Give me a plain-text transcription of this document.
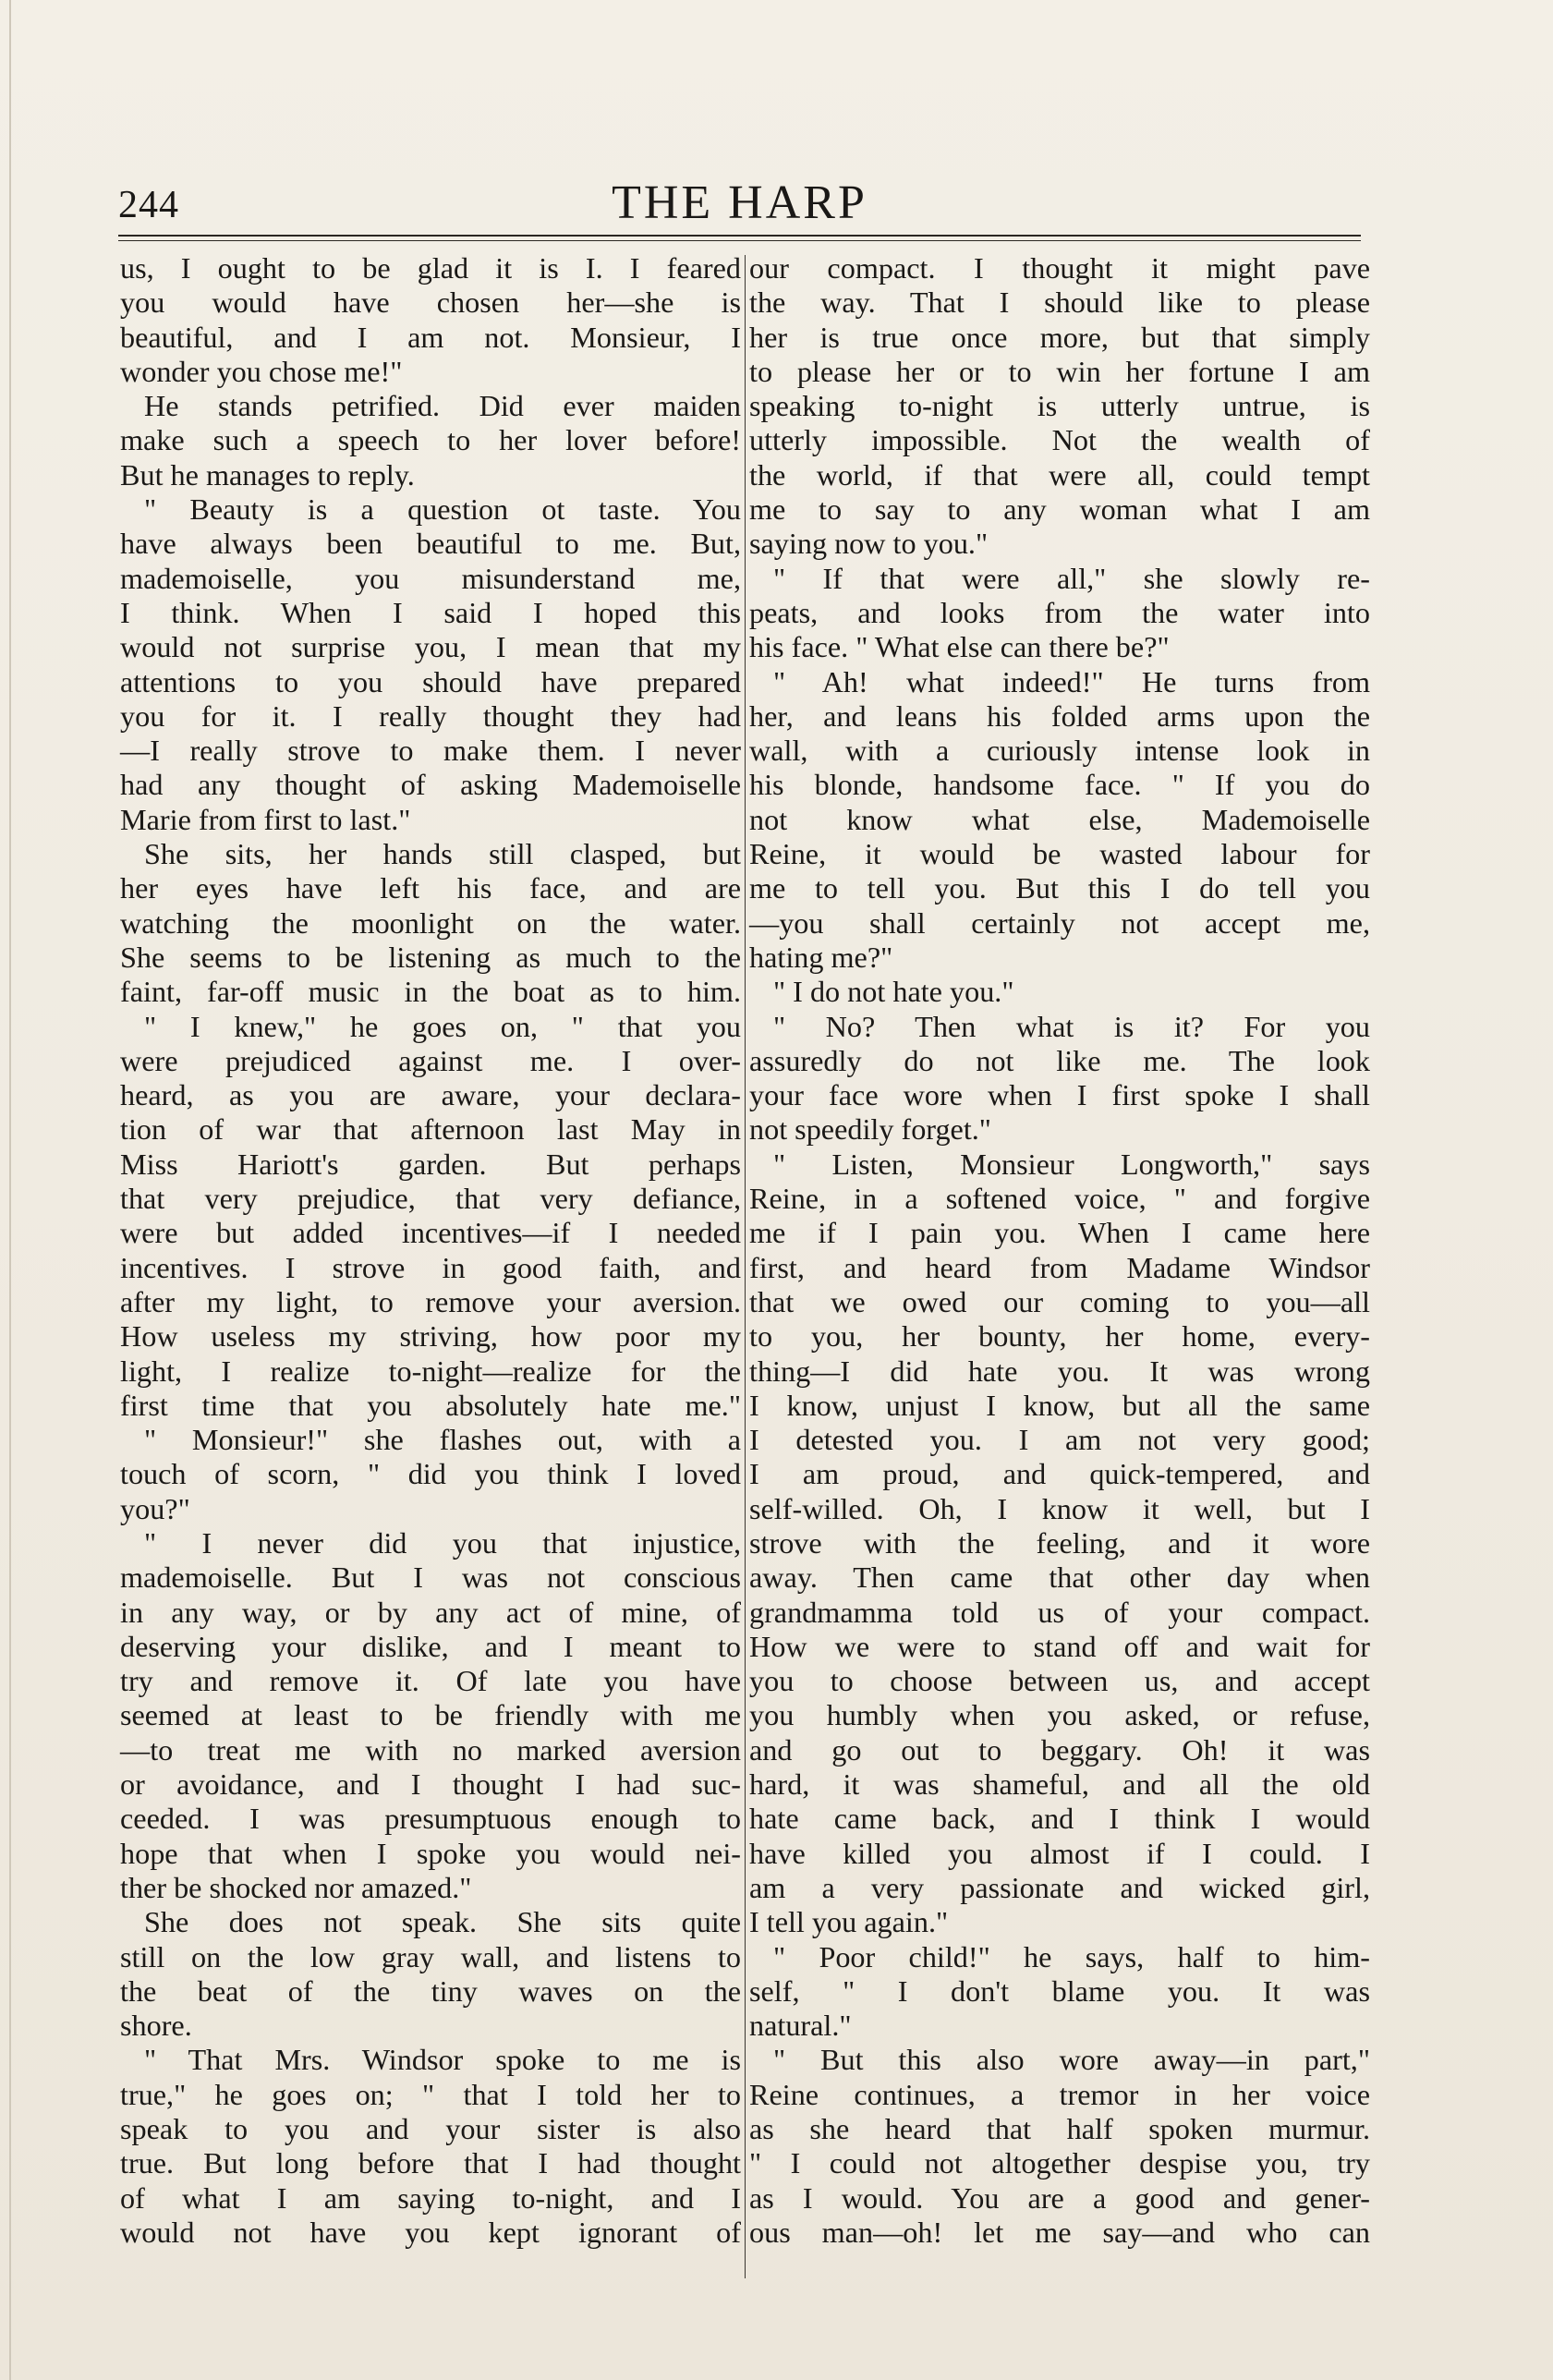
244	THE HARP
us, I ought to be glad it is I. I feared
you would have chosen her—she is
beautiful, and I am not. Monsieur, I
wonder you chose me!"
He stands petrified. Did ever maiden
make such a speech to her lover before!
But he manages to reply.
" Beauty is a question ot taste. You
have always been beautiful to me. But,
mademoiselle, you misunderstand me,
I think. When I said I hoped this
would not surprise you, I mean that my
attentions to you should have prepared
you for it. I really thought they had
—I really strove to make them. I never
had any thought of asking Mademoiselle
Marie from first to last."
She sits, her hands still clasped, but
her eyes have left his face, and are
watching the moonlight on the water.
She seems to be listening as much to the
faint, far-off music in the boat as to him.
" I knew," he goes on, " that you
were prejudiced against me. I over-
heard, as you are aware, your declara-
tion of war that afternoon last May in
Miss Hariott's garden. But perhaps
that very prejudice, that very defiance,
were but added incentives—if I needed
incentives. I strove in good faith, and
after my light, to remove your aversion.
How useless my striving, how poor my
light, I realize to-night—realize for the
first time that you absolutely hate me."
" Monsieur!" she flashes out, with a
touch of scorn, " did you think I loved
you?"
" I never did you that injustice,
mademoiselle. But I was not conscious
in any way, or by any act of mine, of
deserving your dislike, and I meant to
try and remove it. Of late you have
seemed at least to be friendly with me
—to treat me with no marked aversion
or avoidance, and I thought I had suc-
ceeded. I was presumptuous enough to
hope that when I spoke you would nei-
ther be shocked nor amazed."
She does not speak. She sits quite
still on the low gray wall, and listens to
the beat of the tiny waves on the
shore.
" That Mrs. Windsor spoke to me is
true," he goes on; " that I told her to
speak to you and your sister is also
true. But long before that I had thought
of what I am saying to-night, and I
would not have you kept ignorant of
our compact. I thought it might pave
the way. That I should like to please
her is true once more, but that simply
to please her or to win her fortune I am
speaking to-night is utterly untrue, is
utterly impossible. Not the wealth of
the world, if that were all, could tempt
me to say to any woman what I am
saying now to you."
" If that were all," she slowly re-
peats, and looks from the water into
his face. " What else can there be?"
" Ah! what indeed!" He turns from
her, and leans his folded arms upon the
wall, with a curiously intense look in
his blonde, handsome face. " If you do
not know what else, Mademoiselle
Reine, it would be wasted labour for
me to tell you. But this I do tell you
—you shall certainly not accept me,
hating me?"
" I do not hate you."
" No? Then what is it? For you
assuredly do not like me. The look
your face wore when I first spoke I shall
not speedily forget."
" Listen, Monsieur Longworth," says
Reine, in a softened voice, " and forgive
me if I pain you. When I came here
first, and heard from Madame Windsor
that we owed our coming to you—all
to you, her bounty, her home, every-
thing—I did hate you. It was wrong
I know, unjust I know, but all the same
I detested you. I am not very good;
I am proud, and quick-tempered, and
self-willed. Oh, I know it well, but I
strove with the feeling, and it wore
away. Then came that other day when
grandmamma told us of your compact.
How we were to stand off and wait for
you to choose between us, and accept
you humbly when you asked, or refuse,
and go out to beggary. Oh! it was
hard, it was shameful, and all the old
hate came back, and I think I would
have killed you almost if I could. I
am a very passionate and wicked girl,
I tell you again."
" Poor child!" he says, half to him-
self, " I don't blame you. It was
natural."
" But this also wore away—in part,"
Reine continues, a tremor in her voice
as she heard that half spoken murmur.
" I could not altogether despise you, try
as I would. You are a good and gener-
ous man—oh! let me say—and who can
